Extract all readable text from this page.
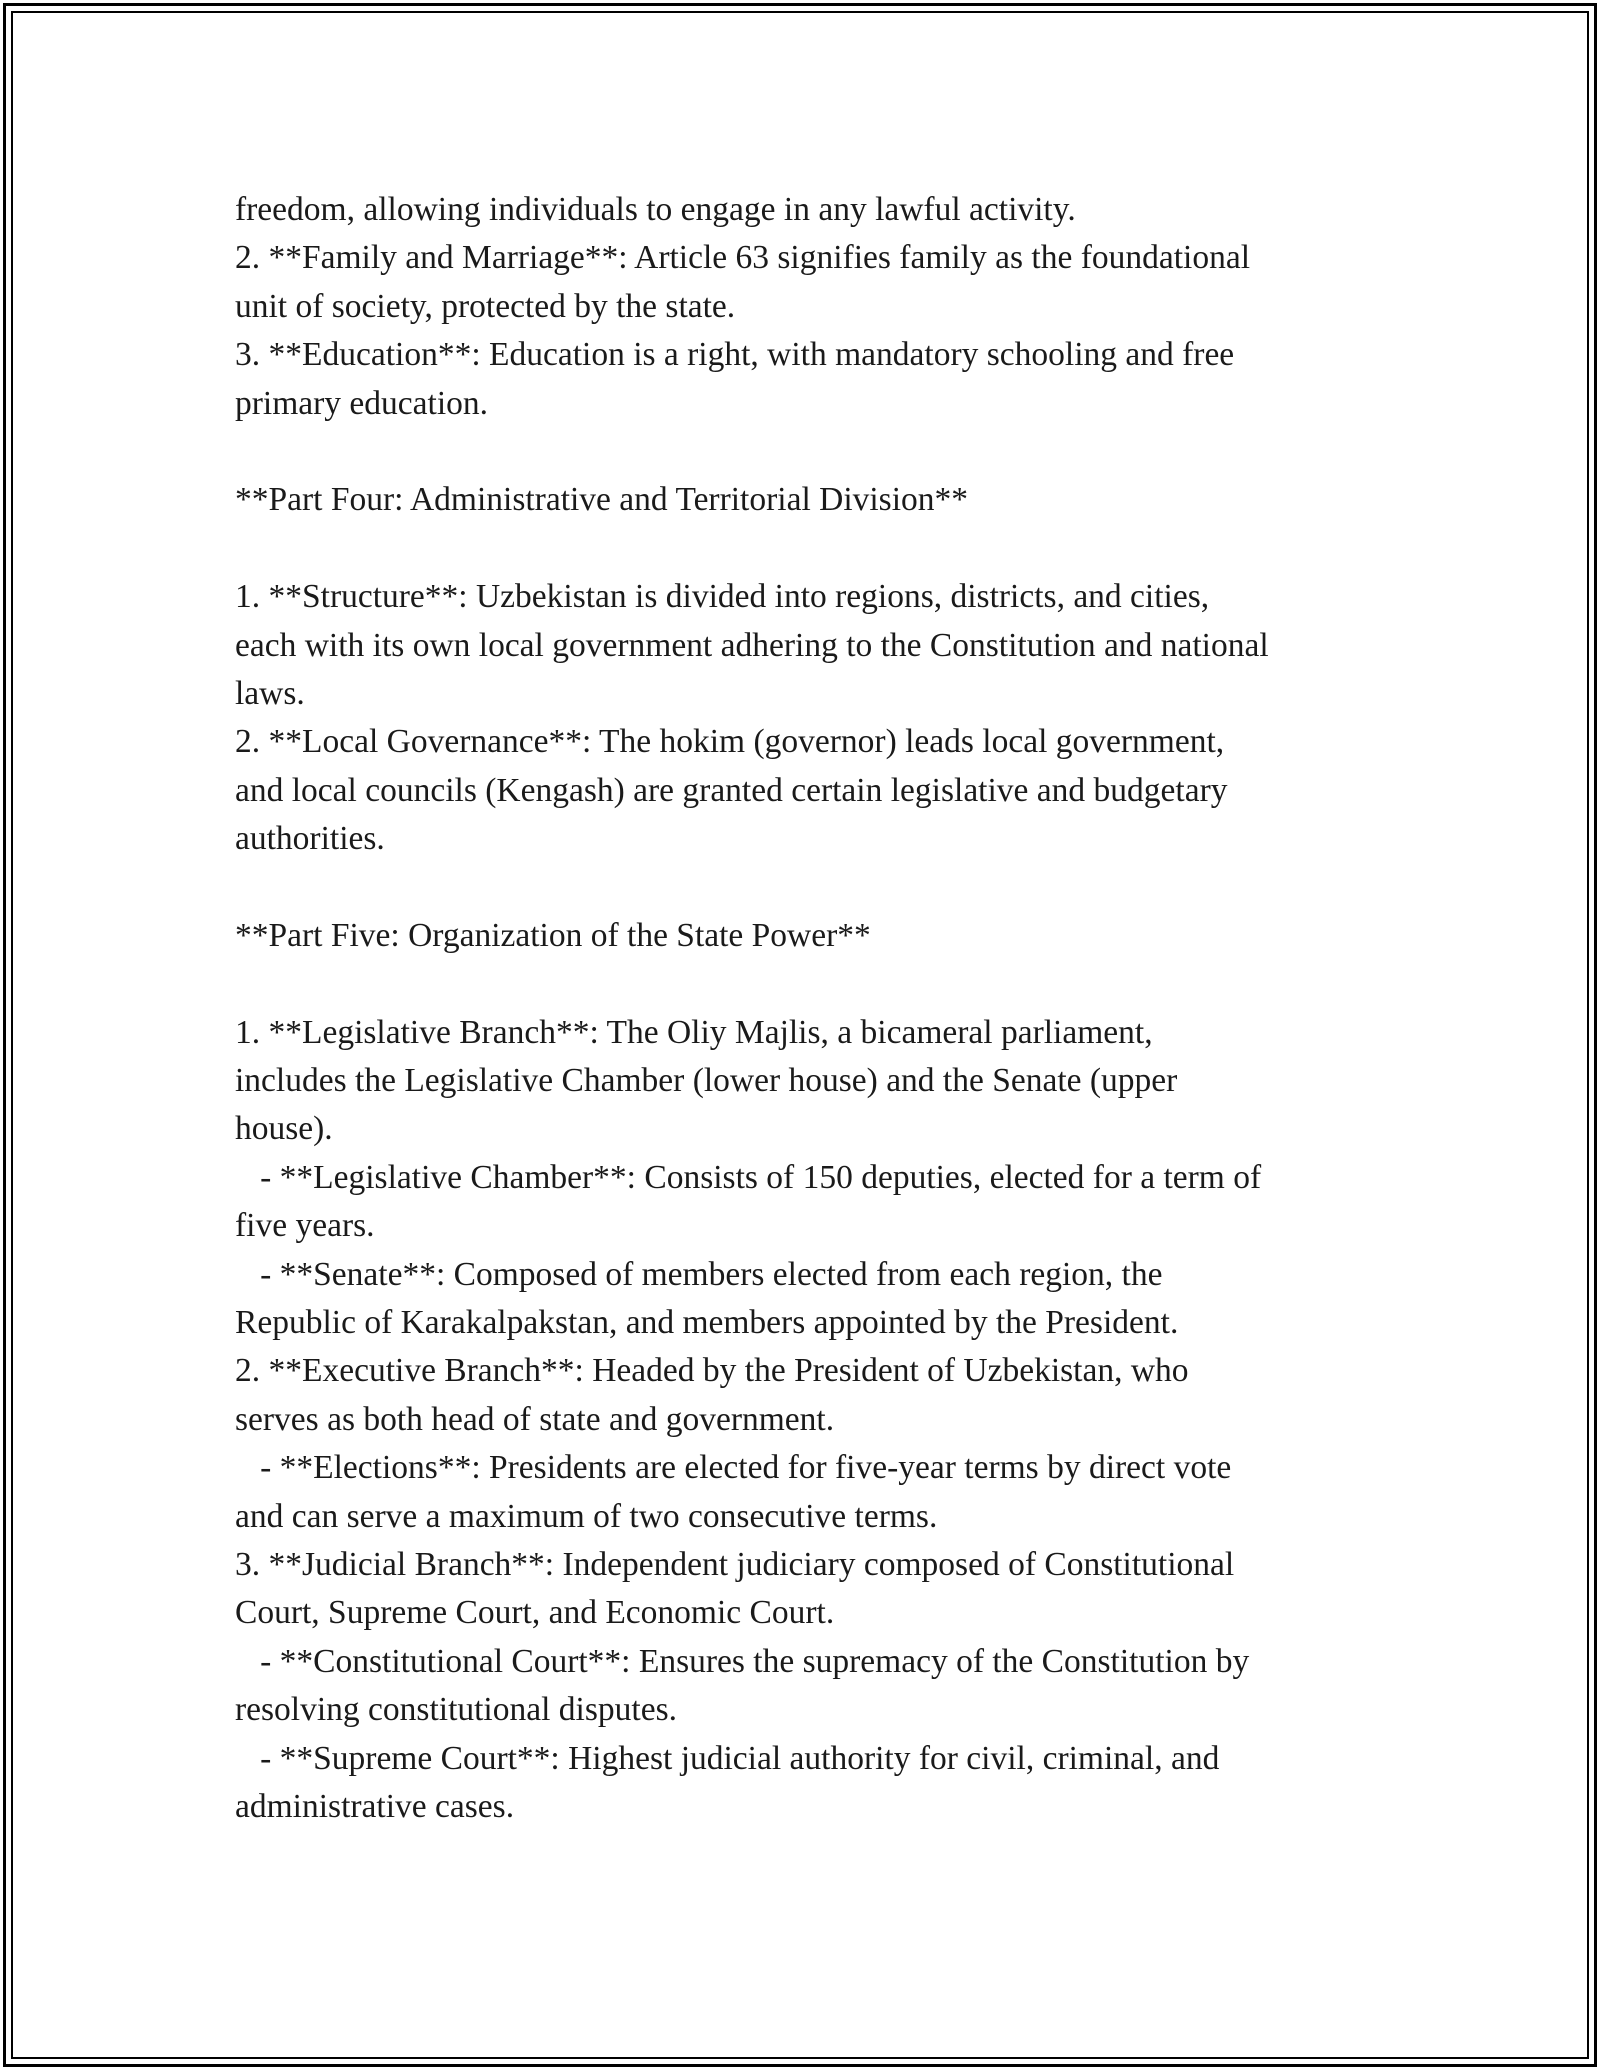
freedom, allowing individuals to engage in any lawful activity.
2. **Family and Marriage**: Article 63 signifies family as the foundational
unit of society, protected by the state.
3. **Education**: Education is a right, with mandatory schooling and free
primary education.
**Part Four: Administrative and Territorial Division**
1. **Structure**: Uzbekistan is divided into regions, districts, and cities,
each with its own local government adhering to the Constitution and national
laws.
2. **Local Governance**: The hokim (governor) leads local government,
and local councils (Kengash) are granted certain legislative and budgetary
authorities.
**Part Five: Organization of the State Power**
1. **Legislative Branch**: The Oliy Majlis, a bicameral parliament,
includes the Legislative Chamber (lower house) and the Senate (upper
house).
- **Legislative Chamber**: Consists of 150 deputies, elected for a term of
five years.
- **Senate**: Composed of members elected from each region, the
Republic of Karakalpakstan, and members appointed by the President.
2. **Executive Branch**: Headed by the President of Uzbekistan, who
serves as both head of state and government.
- **Elections**: Presidents are elected for five-year terms by direct vote
and can serve a maximum of two consecutive terms.
3. **Judicial Branch**: Independent judiciary composed of Constitutional
Court, Supreme Court, and Economic Court.
- **Constitutional Court**: Ensures the supremacy of the Constitution by
resolving constitutional disputes.
- **Supreme Court**: Highest judicial authority for civil, criminal, and
administrative cases.
